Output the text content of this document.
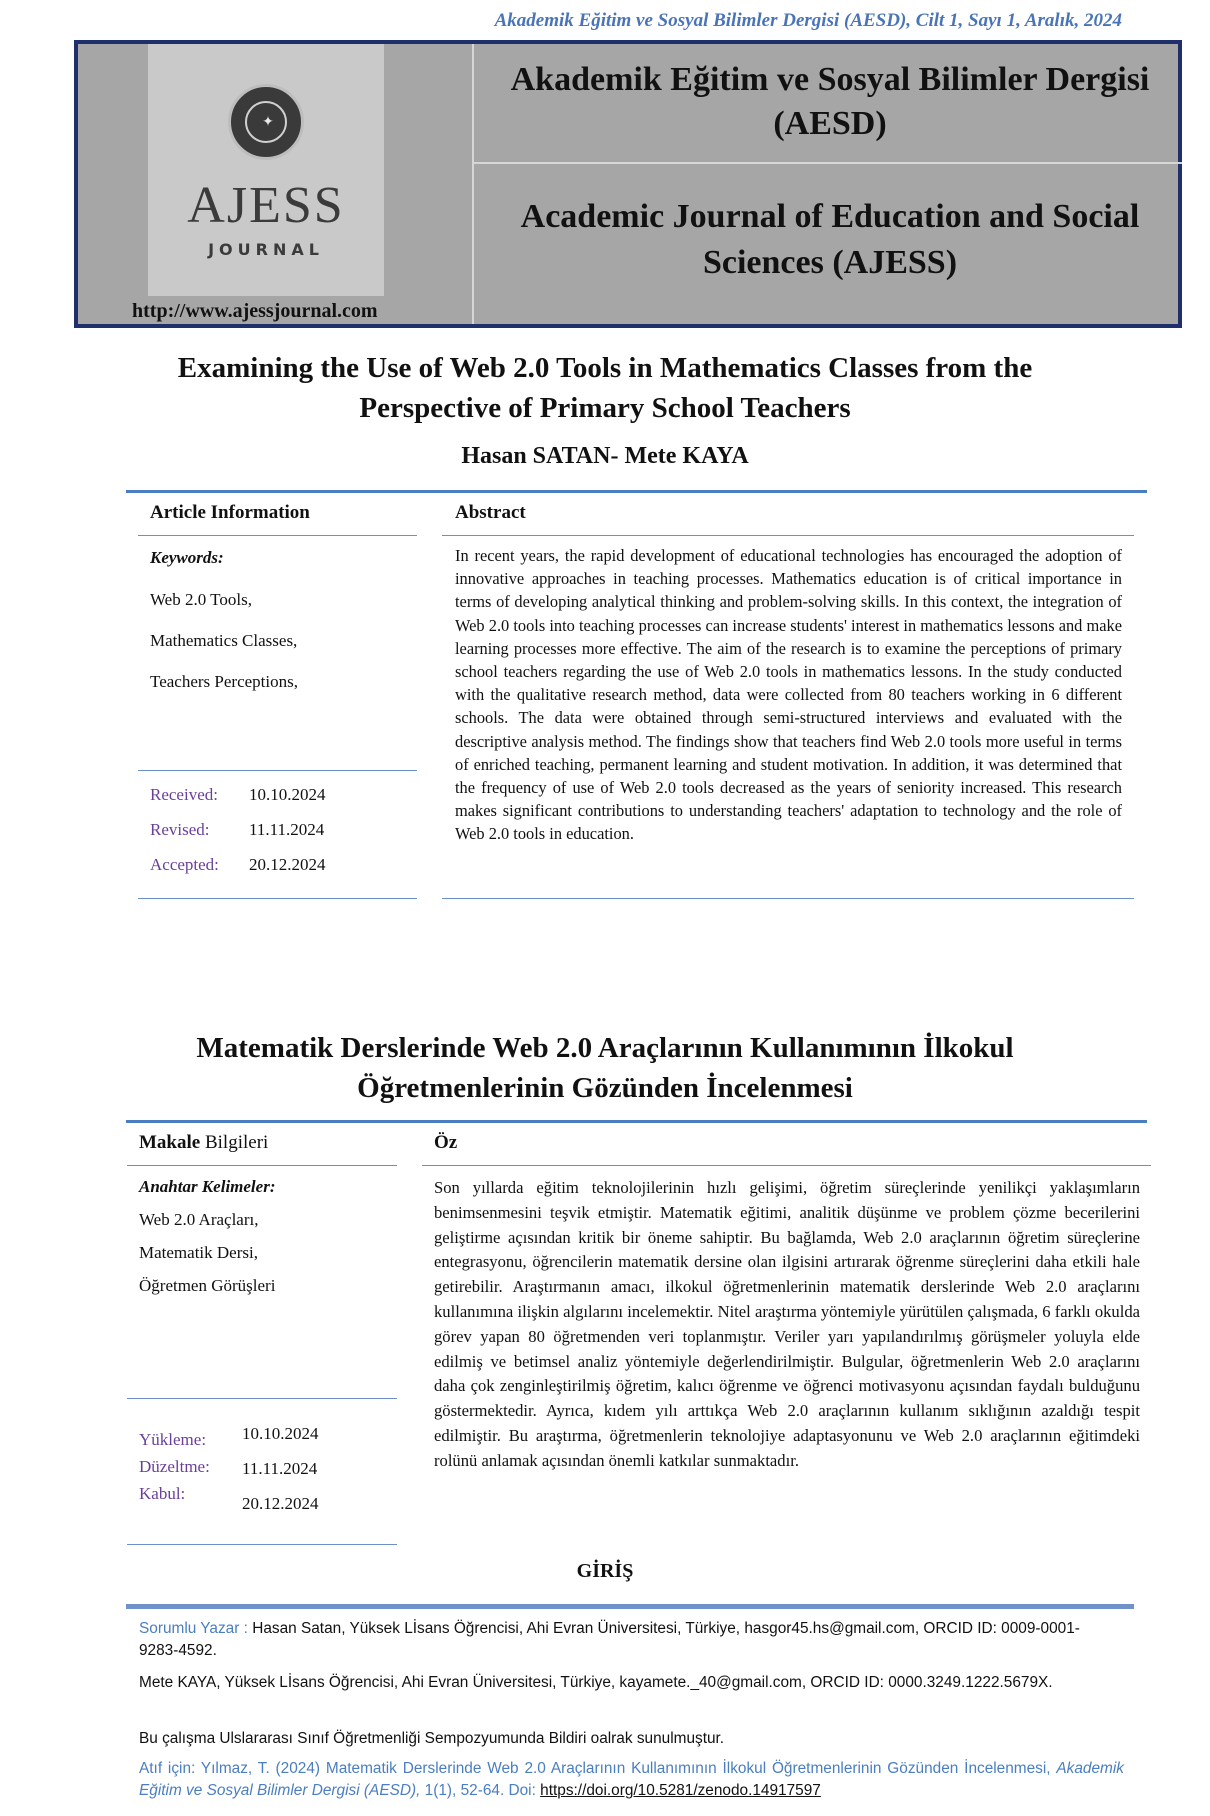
Akademik Eğitim ve Sosyal Bilimler Dergisi (AESD), Cilt 1, Sayı 1, Aralık, 2024
✦
AJESS
JOURNAL
http://www.ajessjournal.com
Akademik Eğitim ve Sosyal Bilimler Dergisi
(AESD)
Academic Journal of Education and Social
Sciences (AJESS)
Examining the Use of Web 2.0 Tools in Mathematics Classes from the
Perspective of Primary School Teachers
Hasan SATAN- Mete KAYA
Article Information
Keywords:
Web 2.0 Tools,
Mathematics Classes,
Teachers Perceptions,
Received: 10.10.2024
Revised: 11.11.2024
Accepted: 20.12.2024
Abstract
In recent years, the rapid development of educational technologies has encouraged the adoption of innovative approaches in teaching processes. Mathematics education is of critical importance in terms of developing analytical thinking and problem-solving skills. In this context, the integration of Web 2.0 tools into teaching processes can increase students' interest in mathematics lessons and make learning processes more effective. The aim of the research is to examine the perceptions of primary school teachers regarding the use of Web 2.0 tools in mathematics lessons. In the study conducted with the qualitative research method, data were collected from 80 teachers working in 6 different schools. The data were obtained through semi-structured interviews and evaluated with the descriptive analysis method. The findings show that teachers find Web 2.0 tools more useful in terms of enriched teaching, permanent learning and student motivation. In addition, it was determined that the frequency of use of Web 2.0 tools decreased as the years of seniority increased. This research makes significant contributions to understanding teachers' adaptation to technology and the role of Web 2.0 tools in education.
Matematik Derslerinde Web 2.0 Araçlarının Kullanımının İlkokul
Öğretmenlerinin Gözünden İncelenmesi
Makale Bilgileri
Anahtar Kelimeler:
Web 2.0 Araçları,
Matematik Dersi,
Öğretmen Görüşleri
Yükleme: 10.10.2024
Düzeltme: 11.11.2024
Kabul:
20.12.2024
Öz
Son yıllarda eğitim teknolojilerinin hızlı gelişimi, öğretim süreçlerinde yenilikçi yaklaşımların benimsenmesini teşvik etmiştir. Matematik eğitimi, analitik düşünme ve problem çözme becerilerini geliştirme açısından kritik bir öneme sahiptir. Bu bağlamda, Web 2.0 araçlarının öğretim süreçlerine entegrasyonu, öğrencilerin matematik dersine olan ilgisini artırarak öğrenme süreçlerini daha etkili hale getirebilir. Araştırmanın amacı, ilkokul öğretmenlerinin matematik derslerinde Web 2.0 araçlarını kullanımına ilişkin algılarını incelemektir. Nitel araştırma yöntemiyle yürütülen çalışmada, 6 farklı okulda görev yapan 80 öğretmenden veri toplanmıştır. Veriler yarı yapılandırılmış görüşmeler yoluyla elde edilmiş ve betimsel analiz yöntemiyle değerlendirilmiştir. Bulgular, öğretmenlerin Web 2.0 araçlarını daha çok zenginleştirilmiş öğretim, kalıcı öğrenme ve öğrenci motivasyonu açısından faydalı bulduğunu göstermektedir. Ayrıca, kıdem yılı arttıkça Web 2.0 araçlarının kullanım sıklığının azaldığı tespit edilmiştir. Bu araştırma, öğretmenlerin teknolojiye adaptasyonunu ve Web 2.0 araçlarının eğitimdeki rolünü anlamak açısından önemli katkılar sunmaktadır.
GİRİŞ
Sorumlu Yazar : Hasan Satan, Yüksek Lİsans Öğrencisi, Ahi Evran Üniversitesi, Türkiye, hasgor45.hs@gmail.com, ORCID ID: 0009-0001-9283-4592.
Mete KAYA, Yüksek Lİsans Öğrencisi, Ahi Evran Üniversitesi, Türkiye, kayamete._40@gmail.com, ORCID ID: 0000.3249.1222.5679X.
Bu çalışma Ulslararası Sınıf Öğretmenliği Sempozyumunda Bildiri oalrak sunulmuştur.
Atıf için: Yılmaz, T. (2024) Matematik Derslerinde Web 2.0 Araçlarının Kullanımının İlkokul Öğretmenlerinin Gözünden İncelenmesi, Akademik Eğitim ve Sosyal Bilimler Dergisi (AESD), 1(1), 52-64. Doi: https://doi.org/10.5281/zenodo.14917597
